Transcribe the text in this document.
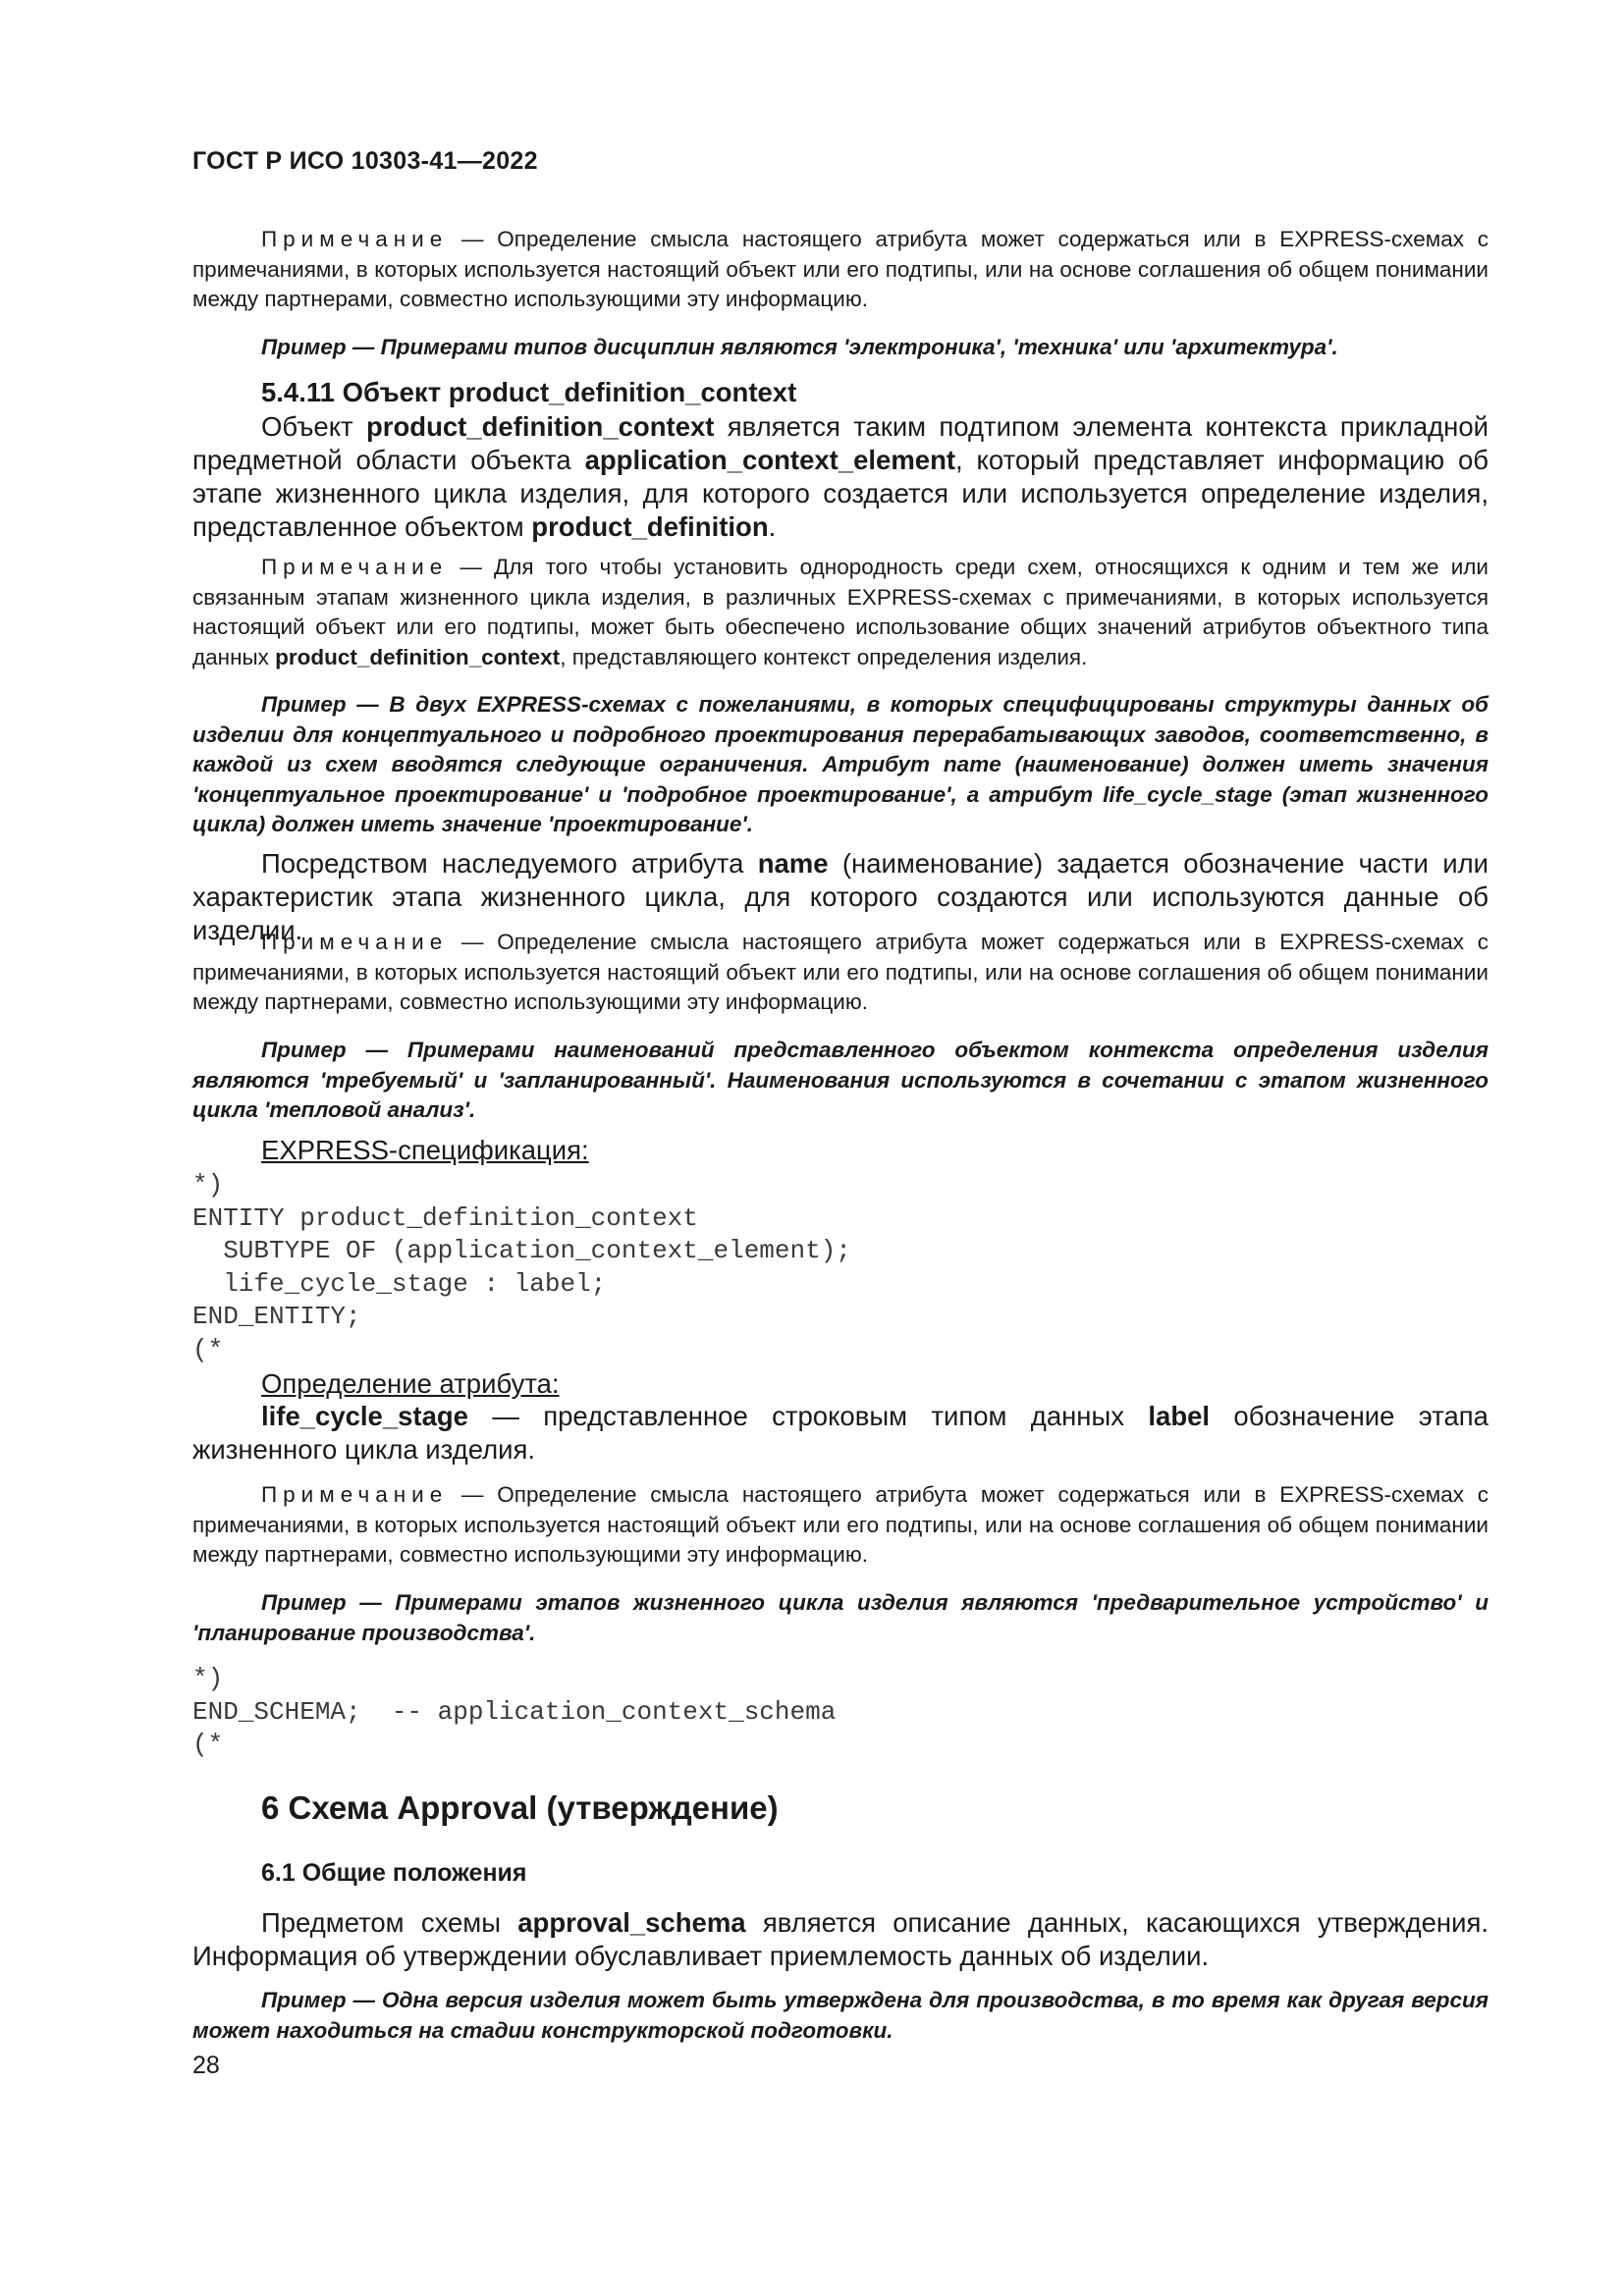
ГОСТ Р ИСО 10303-41—2022

Примечание — Определение смысла настоящего атрибута может содержаться или в EXPRESS-схемах с примечаниями, в которых используется настоящий объект или его подтипы, или на основе соглашения об общем понимании между партнерами, совместно использующими эту информацию.

Пример — Примерами типов дисциплин являются 'электроника', 'техника' или 'архитектура'.

5.4.11 Объект product_definition_context

Объект product_definition_context является таким подтипом элемента контекста прикладной предметной области объекта application_context_element, который представляет информацию об этапе жизненного цикла изделия, для которого создается или используется определение изделия, представленное объектом product_definition.

Примечание — Для того чтобы установить однородность среди схем, относящихся к одним и тем же или связанным этапам жизненного цикла изделия, в различных EXPRESS-схемах с примечаниями, в которых используется настоящий объект или его подтипы, может быть обеспечено использование общих значений атрибутов объектного типа данных product_definition_context, представляющего контекст определения изделия.

Пример — В двух EXPRESS-схемах с пожеланиями, в которых специфицированы структуры данных об изделии для концептуального и подробного проектирования перерабатывающих заводов, соответственно, в каждой из схем вводятся следующие ограничения. Атрибут name (наименование) должен иметь значения 'концептуальное проектирование' и 'подробное проектирование', а атрибут life_cycle_stage (этап жизненного цикла) должен иметь значение 'проектирование'.

Посредством наследуемого атрибута name (наименование) задается обозначение части или характеристик этапа жизненного цикла, для которого создаются или используются данные об изделии.

Примечание — Определение смысла настоящего атрибута может содержаться или в EXPRESS-схемах с примечаниями, в которых используется настоящий объект или его подтипы, или на основе соглашения об общем понимании между партнерами, совместно использующими эту информацию.

Пример — Примерами наименований представленного объектом контекста определения изделия являются 'требуемый' и 'запланированный'. Наименования используются в сочетании с этапом жизненного цикла 'тепловой анализ'.

EXPRESS-спецификация:
*)
ENTITY product_definition_context
SUBTYPE OF (application_context_element);
life_cycle_stage : label;
END_ENTITY;
(*
Определение атрибута:

life_cycle_stage — представленное строковым типом данных label обозначение этапа жизненного цикла изделия.

Примечание — Определение смысла настоящего атрибута может содержаться или в EXPRESS-схемах с примечаниями, в которых используется настоящий объект или его подтипы, или на основе соглашения об общем понимании между партнерами, совместно использующими эту информацию.

Пример — Примерами этапов жизненного цикла изделия являются 'предварительное устройство' и 'планирование производства'.

*)
END_SCHEMA;  -- application_context_schema
(*
6 Схема Approval (утверждение)
6.1 Общие положения

Предметом схемы approval_schema является описание данных, касающихся утверждения. Информация об утверждении обуславливает приемлемость данных об изделии.

Пример — Одна версия изделия может быть утверждена для производства, в то время как другая версия может находиться на стадии конструкторской подготовки.

28
